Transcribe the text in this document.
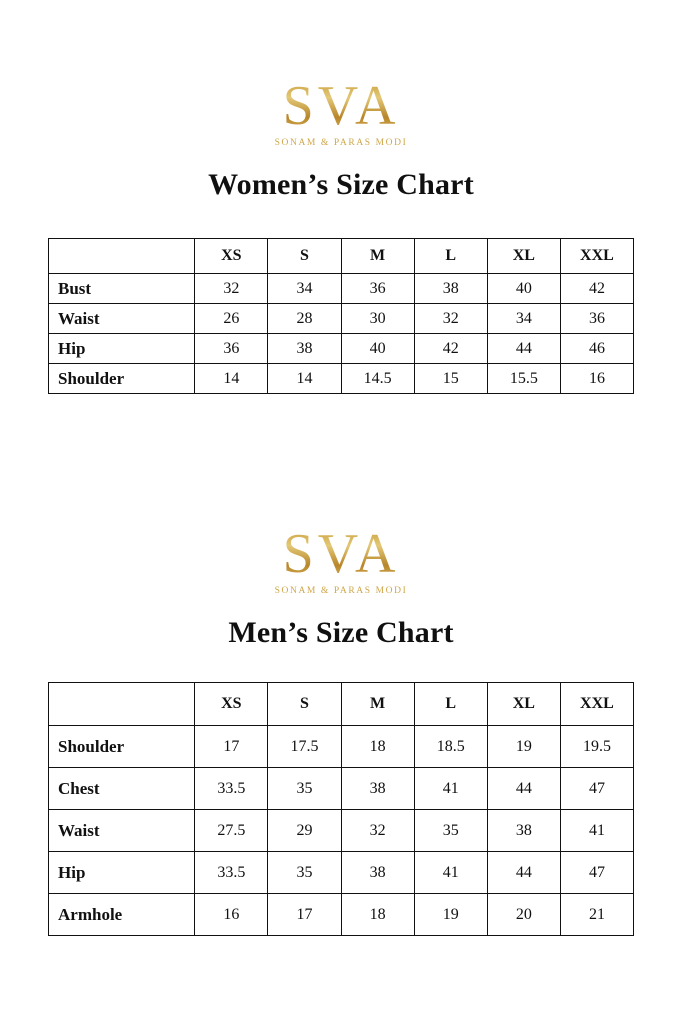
SVA
SONAM & PARAS MODI
Women’s Size Chart
	XS	S	M	L	XL	XXL
Bust	32	34	36	38	40	42
Waist	26	28	30	32	34	36
Hip	36	38	40	42	44	46
Shoulder	14	14	14.5	15	15.5	16
SVA
SONAM & PARAS MODI
Men’s Size Chart
	XS	S	M	L	XL	XXL
Shoulder	17	17.5	18	18.5	19	19.5
Chest	33.5	35	38	41	44	47
Waist	27.5	29	32	35	38	41
Hip	33.5	35	38	41	44	47
Armhole	16	17	18	19	20	21
